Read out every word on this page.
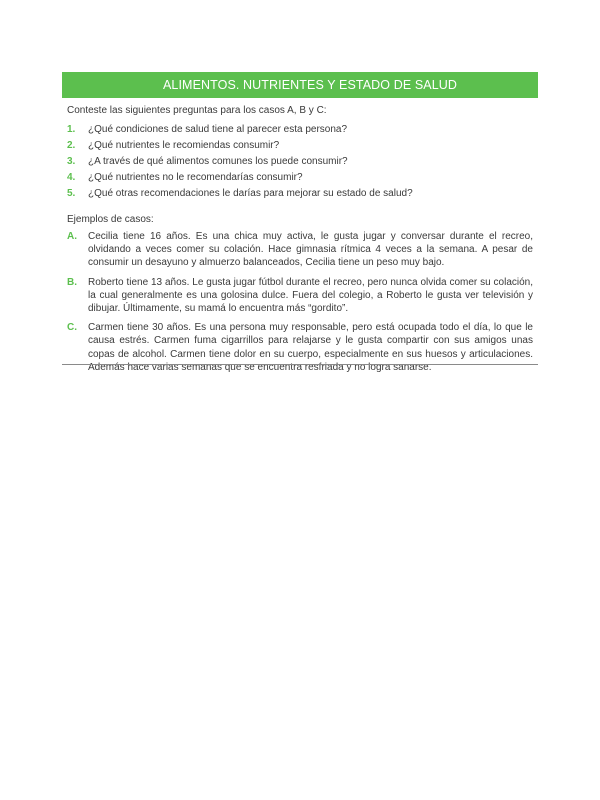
ALIMENTOS. NUTRIENTES Y ESTADO DE SALUD

Conteste las siguientes preguntas para los casos A, B y C:

1.	¿Qué condiciones de salud tiene al parecer esta persona?
2.	¿Qué nutrientes le recomiendas consumir?
3.	¿A través de qué alimentos comunes los puede consumir?
4.	¿Qué nutrientes no le recomendarías consumir?
5.	¿Qué otras recomendaciones le darías para mejorar su estado de salud?

Ejemplos de casos:

A.	Cecilia tiene 16 años. Es una chica muy activa, le gusta jugar y conversar durante el recreo, olvidando a veces comer su colación. Hace gimnasia rítmica 4 veces a la semana. A pesar de consumir un desayuno y almuerzo balanceados, Cecilia tiene un peso muy bajo.
B.	Roberto tiene 13 años. Le gusta jugar fútbol durante el recreo, pero nunca olvida comer su colación, la cual generalmente es una golosina dulce. Fuera del colegio, a Roberto le gusta ver televisión y dibujar. Últimamente, su mamá lo encuentra más “gordito”.
C.	Carmen tiene 30 años. Es una persona muy responsable, pero está ocupada todo el día, lo que le causa estrés. Carmen fuma cigarrillos para relajarse y le gusta compartir con sus amigos unas copas de alcohol. Carmen tiene dolor en su cuerpo, especialmente en sus huesos y articulaciones. Además hace varias semanas que se encuentra resfriada y no logra sanarse.
